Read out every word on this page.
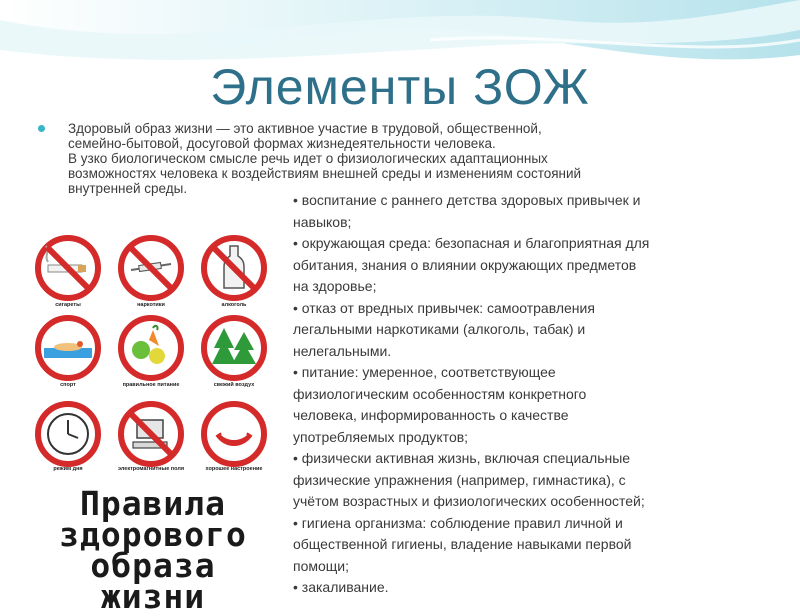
Элементы ЗОЖ
Здоровый образ жизни — это активное участие в трудовой, общественной,
семейно-бытовой, досуговой формах жизнедеятельности человека.
В узко биологическом смысле речь идет о физиологических адаптационных
возможностях человека к воздействиям внешней среды и изменениям состояний
внутренней среды.
• воспитание с раннего детства здоровых привычек и
навыков;
• окружающая среда: безопасная и благоприятная для
обитания, знания о влиянии окружающих предметов
на здоровье;
• отказ от вредных привычек: самоотравления
легальными наркотиками (алкоголь, табак) и
нелегальными.
• питание: умеренное, соответствующее
физиологическим особенностям конкретного
человека, информированность о качестве
употребляемых продуктов;
• физически активная жизнь, включая специальные
физические упражнения (например, гимнастика), с
учётом возрастных и физиологических особенностей;
• гигиена организма: соблюдение правил личной и
общественной гигиены, владение навыками первой
помощи;
• закаливание.
сигареты	наркотики	алкоголь
спорт	правильное питание	свежий воздух
режим дня	электромагнитные поля	хорошее настроение
Правила
здорового
образа жизни
